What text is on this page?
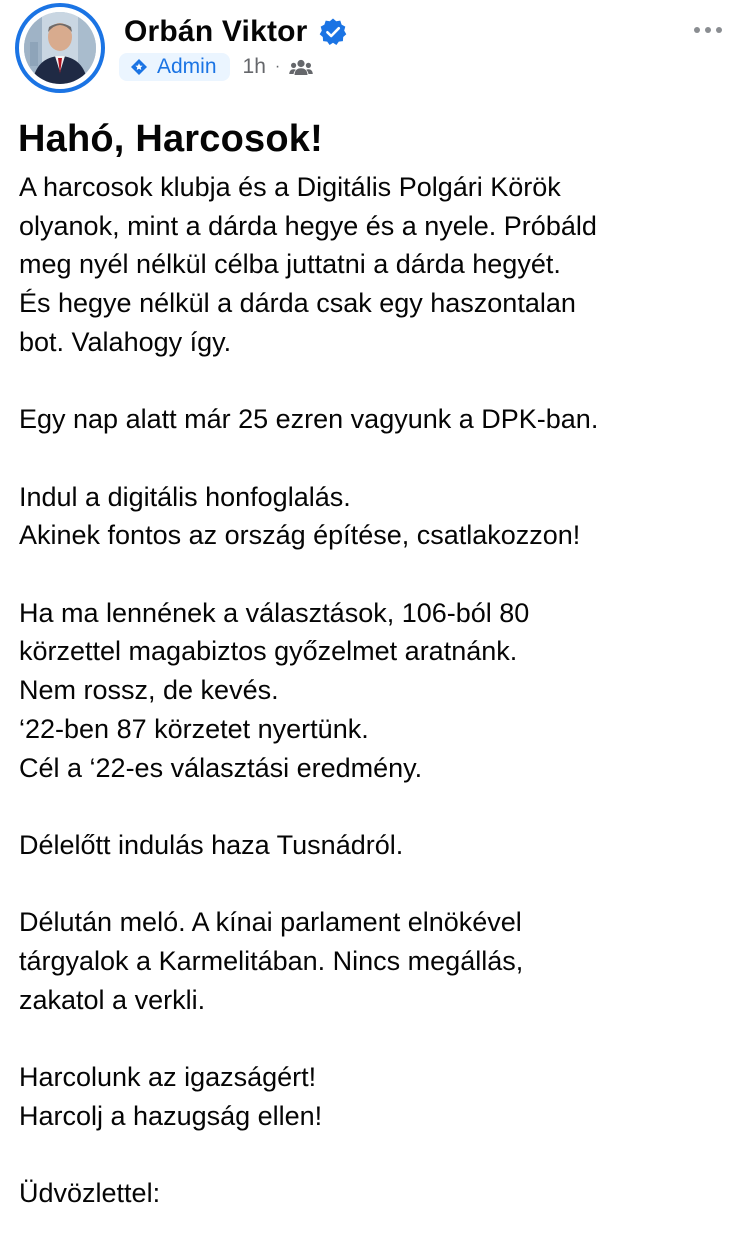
Orbán Viktor
Admin 1h ·
Hahó, Harcosok!

A harcosok klubja és a Digitális Polgári Körök
olyanok, mint a dárda hegye és a nyele. Próbáld
meg nyél nélkül célba juttatni a dárda hegyét.
És hegye nélkül a dárda csak egy haszontalan
bot. Valahogy így.

Egy nap alatt már 25 ezren vagyunk a DPK-ban.

Indul a digitális honfoglalás.
Akinek fontos az ország építése, csatlakozzon!

Ha ma lennének a választások, 106-ból 80
körzettel magabiztos győzelmet aratnánk.
Nem rossz, de kevés.
‘22-ben 87 körzetet nyertünk.
Cél a ‘22-es választási eredmény.

Délelőtt indulás haza Tusnádról.

Délután meló. A kínai parlament elnökével
tárgyalok a Karmelitában. Nincs megállás,
zakatol a verkli.

Harcolunk az igazságért!
Harcolj a hazugság ellen!

Üdvözlettel:
